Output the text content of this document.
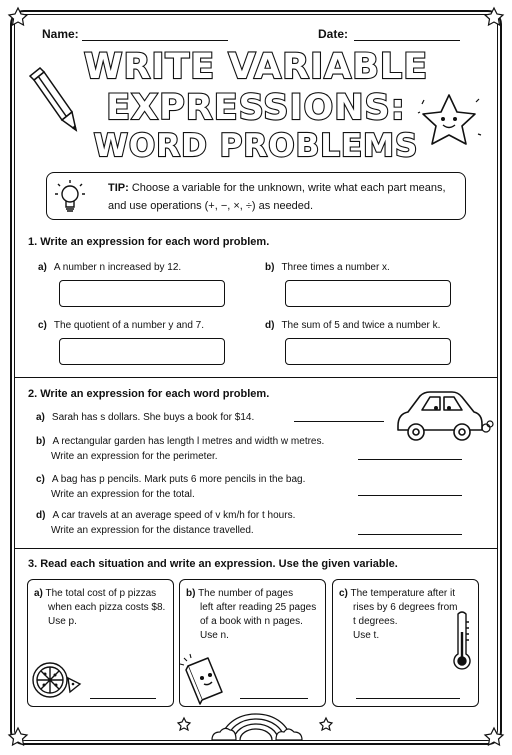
Name:	Date:
WRITE VARIABLE
EXPRESSIONS:
WORD PROBLEMS
TIP: Choose a variable for the unknown, write what each part means, and use operations (+, −, ×, ÷) as needed.
1. Write an expression for each word problem.
a) A number n increased by 12.	b) Three times a number x.
c) The quotient of a number y and 7.	d) The sum of 5 and twice a number k.
2. Write an expression for each word problem.
a) Sarah has s dollars. She buys a book for $14.
b) A rectangular garden has length l metres and width w metres.
Write an expression for the perimeter.
c) A bag has p pencils. Mark puts 6 more pencils in the bag.
Write an expression for the total.
d) A car travels at an average speed of v km/h for t hours.
Write an expression for the distance travelled.
3. Read each situation and write an expression. Use the given variable.
a) The total cost of p pizzas
when each pizza costs $8.
Use p.
b) The number of pages
left after reading 25 pages
of a book with n pages.
Use n.
c) The temperature after it
rises by 6 degrees from
t degrees.
Use t.
